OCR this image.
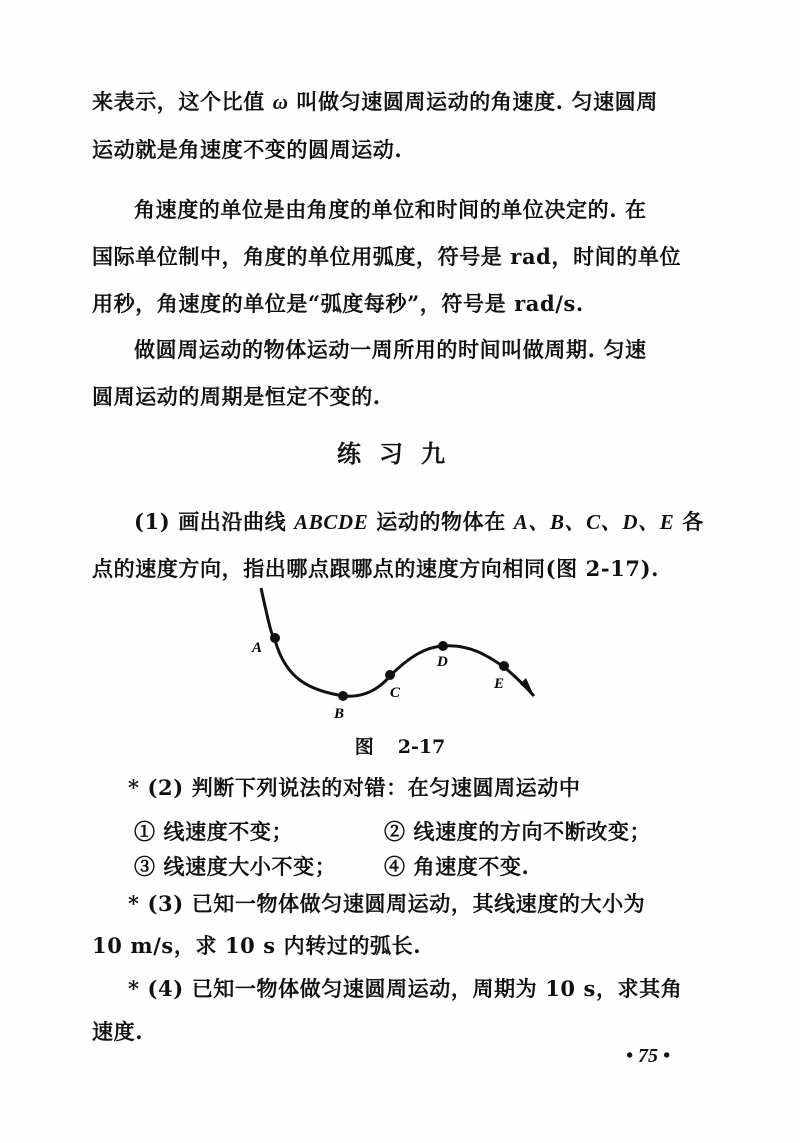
来表示，这个比值 ω 叫做匀速圆周运动的角速度. 匀速圆周
运动就是角速度不变的圆周运动.
角速度的单位是由角度的单位和时间的单位决定的. 在
国际单位制中，角度的单位用弧度，符号是 rad，时间的单位
用秒，角速度的单位是“弧度每秒”，符号是 rad/s.
做圆周运动的物体运动一周所用的时间叫做周期. 匀速
圆周运动的周期是恒定不变的.
练习九
(1) 画出沿曲线 ABCDE 运动的物体在 A、B、C、D、E 各
点的速度方向，指出哪点跟哪点的速度方向相同(图 2-17).
A
B
C
D
E
图 2-17
* (2) 判断下列说法的对错：在匀速圆周运动中
① 线速度不变；	② 线速度的方向不断改变；
③ 线速度大小不变； ④ 角速度不变.
* (3) 已知一物体做匀速圆周运动，其线速度的大小为
10 m/s，求 10 s 内转过的弧长.
* (4) 已知一物体做匀速圆周运动，周期为 10 s，求其角
速度.
• 75 •
